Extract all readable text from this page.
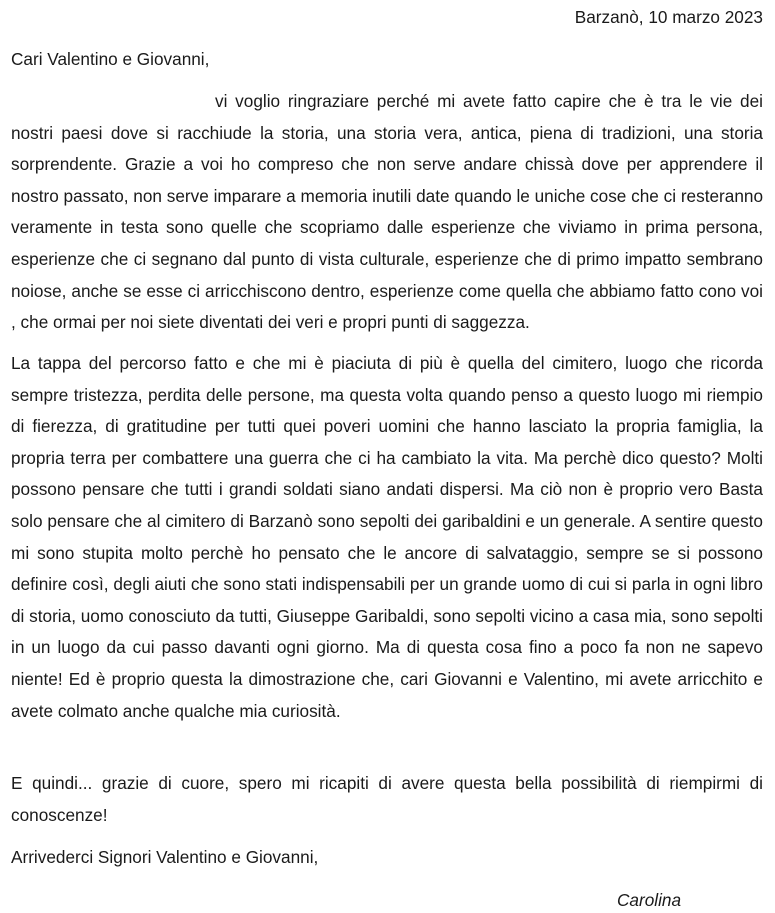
Barzanò, 10 marzo 2023
Cari Valentino e Giovanni,

vi voglio ringraziare perché mi avete fatto capire che è tra le vie dei nostri paesi dove si racchiude la storia, una storia vera, antica, piena di tradizioni, una storia sorprendente. Grazie a voi ho compreso che non serve andare chissà dove per apprendere il nostro passato, non serve imparare a memoria inutili date quando le uniche cose che ci resteranno veramente in testa sono quelle che scopriamo dalle esperienze che viviamo in prima persona, esperienze che ci segnano dal punto di vista culturale, esperienze che di primo impatto sembrano noiose, anche se esse ci arricchiscono dentro, esperienze come quella che abbiamo fatto cono voi , che ormai per noi siete diventati dei veri e propri punti di saggezza.

La tappa del percorso fatto e che mi è piaciuta di più è quella del cimitero, luogo che ricorda sempre tristezza, perdita delle persone, ma questa volta quando penso a questo luogo mi riempio di fierezza, di gratitudine per tutti quei poveri uomini che hanno lasciato la propria famiglia, la propria terra per combattere una guerra che ci ha cambiato la vita. Ma perchè dico questo? Molti possono pensare che tutti i grandi soldati siano andati dispersi. Ma ciò non è proprio vero Basta solo pensare che al cimitero di Barzanò sono sepolti dei garibaldini e un generale. A sentire questo mi sono stupita molto perchè ho pensato che le ancore di salvataggio, sempre se si possono definire così, degli aiuti che sono stati indispensabili per un grande uomo di cui si parla in ogni libro di storia, uomo conosciuto da tutti, Giuseppe Garibaldi, sono sepolti vicino a casa mia, sono sepolti in un luogo da cui passo davanti ogni giorno. Ma di questa cosa fino a poco fa non ne sapevo niente! Ed è proprio questa la dimostrazione che, cari Giovanni e Valentino, mi avete arricchito e avete colmato anche qualche mia curiosità.

E quindi... grazie di cuore, spero mi ricapiti di avere questa bella possibilità di riempirmi di conoscenze!

Arrivederci Signori Valentino e Giovanni,
Carolina
